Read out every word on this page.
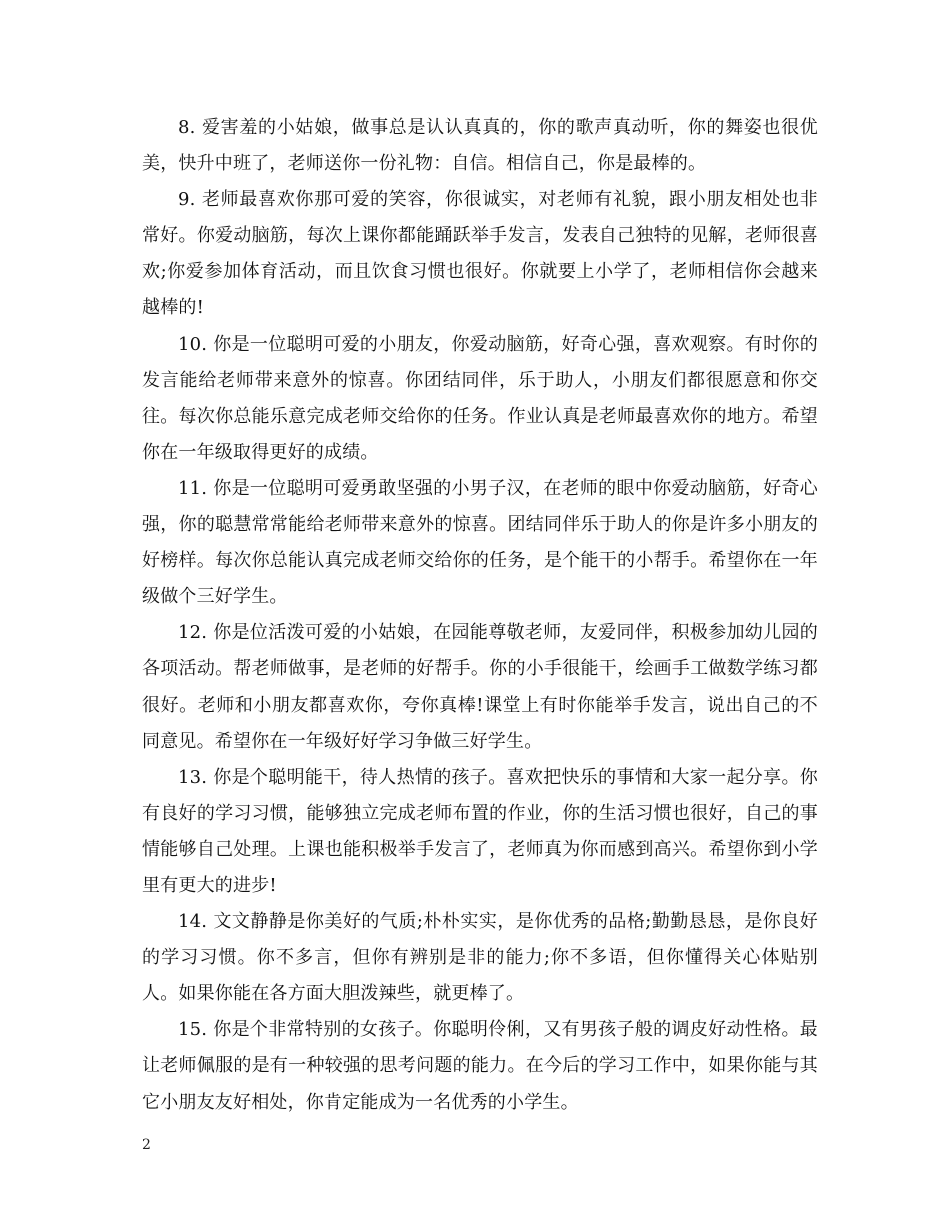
8. 爱害羞的小姑娘，做事总是认认真真的，你的歌声真动听，你的舞姿也很优美，快升中班了，老师送你一份礼物：自信。相信自己，你是最棒的。

9. 老师最喜欢你那可爱的笑容，你很诚实，对老师有礼貌，跟小朋友相处也非常好。你爱动脑筋，每次上课你都能踊跃举手发言，发表自己独特的见解，老师很喜欢;你爱参加体育活动，而且饮食习惯也很好。你就要上小学了，老师相信你会越来越棒的!

10. 你是一位聪明可爱的小朋友，你爱动脑筋，好奇心强，喜欢观察。有时你的发言能给老师带来意外的惊喜。你团结同伴，乐于助人，小朋友们都很愿意和你交往。每次你总能乐意完成老师交给你的任务。作业认真是老师最喜欢你的地方。希望你在一年级取得更好的成绩。

11. 你是一位聪明可爱勇敢坚强的小男子汉，在老师的眼中你爱动脑筋，好奇心强，你的聪慧常常能给老师带来意外的惊喜。团结同伴乐于助人的你是许多小朋友的好榜样。每次你总能认真完成老师交给你的任务，是个能干的小帮手。希望你在一年级做个三好学生。

12. 你是位活泼可爱的小姑娘，在园能尊敬老师，友爱同伴，积极参加幼儿园的各项活动。帮老师做事，是老师的好帮手。你的小手很能干，绘画手工做数学练习都很好。老师和小朋友都喜欢你，夸你真棒!课堂上有时你能举手发言，说出自己的不同意见。希望你在一年级好好学习争做三好学生。

13. 你是个聪明能干，待人热情的孩子。喜欢把快乐的事情和大家一起分享。你有良好的学习习惯，能够独立完成老师布置的作业，你的生活习惯也很好，自己的事情能够自己处理。上课也能积极举手发言了，老师真为你而感到高兴。希望你到小学里有更大的进步!

14. 文文静静是你美好的气质;朴朴实实，是你优秀的品格;勤勤恳恳，是你良好的学习习惯。你不多言，但你有辨别是非的能力;你不多语，但你懂得关心体贴别人。如果你能在各方面大胆泼辣些，就更棒了。

15. 你是个非常特别的女孩子。你聪明伶俐，又有男孩子般的调皮好动性格。最让老师佩服的是有一种较强的思考问题的能力。在今后的学习工作中，如果你能与其它小朋友友好相处，你肯定能成为一名优秀的小学生。

2
